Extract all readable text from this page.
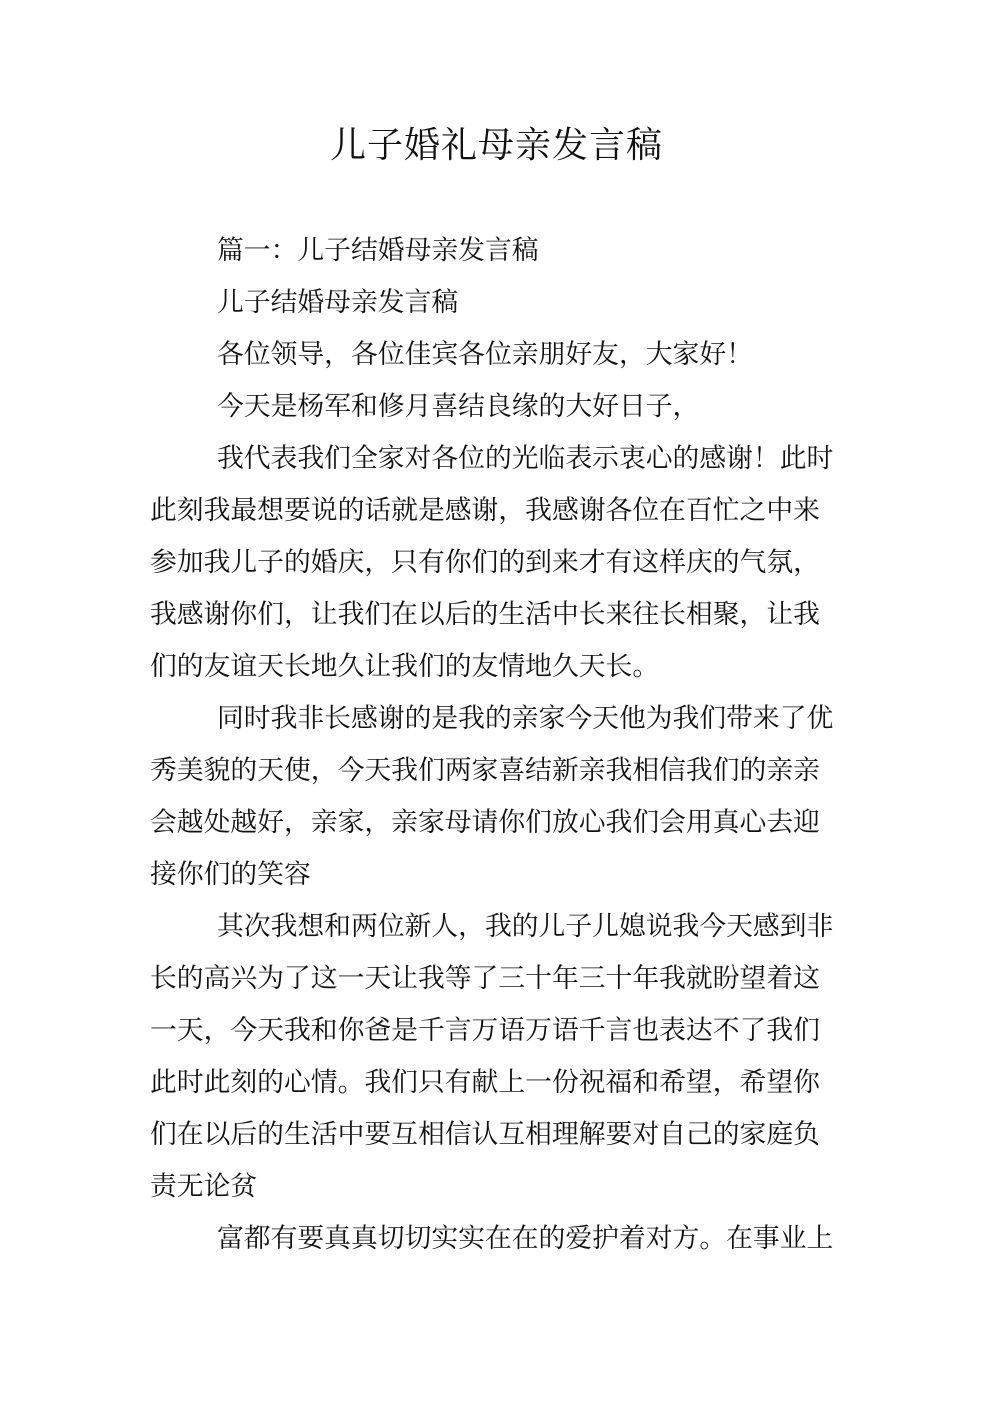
儿子婚礼母亲发言稿

篇一：儿子结婚母亲发言稿

儿子结婚母亲发言稿

各位领导，各位佳宾各位亲朋好友，大家好！

今天是杨军和修月喜结良缘的大好日子，

我代表我们全家对各位的光临表示衷心的感谢！此时此刻我最想要说的话就是感谢，我感谢各位在百忙之中来参加我儿子的婚庆，只有你们的到来才有这样庆的气氛，我感谢你们，让我们在以后的生活中长来往长相聚，让我们的友谊天长地久让我们的友情地久天长。

同时我非长感谢的是我的亲家今天他为我们带来了优秀美貌的天使，今天我们两家喜结新亲我相信我们的亲亲会越处越好，亲家，亲家母请你们放心我们会用真心去迎接你们的笑容

其次我想和两位新人，我的儿子儿媳说我今天感到非长的高兴为了这一天让我等了三十年三十年我就盼望着这一天，今天我和你爸是千言万语万语千言也表达不了我们此时此刻的心情。我们只有献上一份祝福和希望，希望你们在以后的生活中要互相信认互相理解要对自己的家庭负责无论贫

富都有要真真切切实实在在的爱护着对方。在事业上
